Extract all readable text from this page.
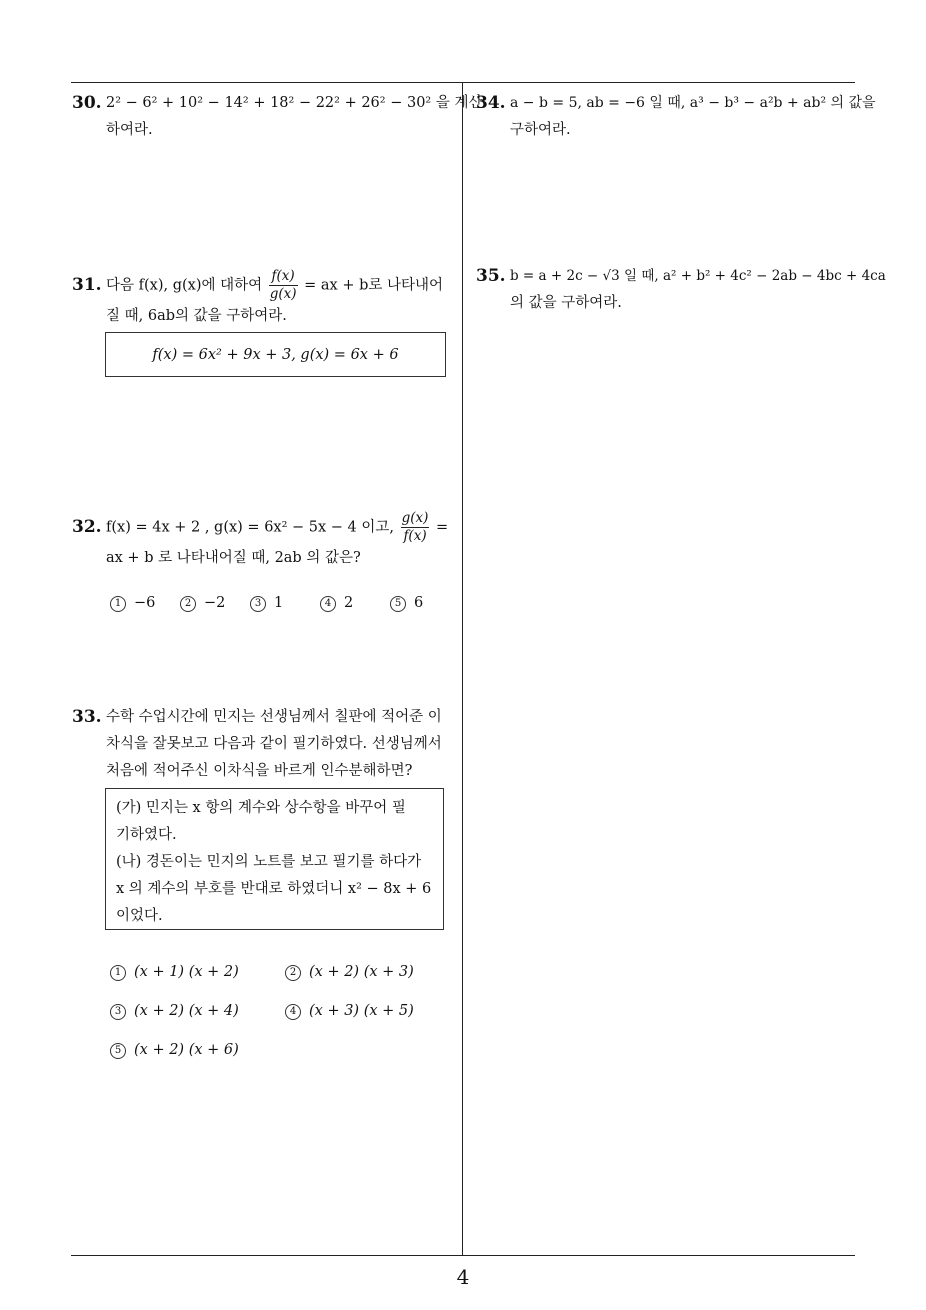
30. 2² − 6² + 10² − 14² + 18² − 22² + 26² − 30² 을 계산
하여라.
31. 다음 f(x), g(x)에 대하여 $\frac{f(x)}{g(x)}$ = ax + b로 나타내어
질 때, 6ab의 값을 구하여라.
f(x) = 6x² + 9x + 3, g(x) = 6x + 6
32. f(x) = 4x + 2 , g(x) = 6x² − 5x − 4 이고, $\frac{g(x)}{f(x)}$ =
ax + b 로 나타내어질 때, 2ab 의 값은?
1 −6	2 −2	3 1	4 2	5 6
33. 수학 수업시간에 민지는 선생님께서 칠판에 적어준 이
차식을 잘못보고 다음과 같이 필기하였다. 선생님께서
처음에 적어주신 이차식을 바르게 인수분해하면?
(가) 민지는 x 항의 계수와 상수항을 바꾸어 필
기하였다.
(나) 경돈이는 민지의 노트를 보고 필기를 하다가
x 의 계수의 부호를 반대로 하였더니 x² − 8x + 6
이었다.
1 (x + 1) (x + 2)	2 (x + 2) (x + 3)
3 (x + 2) (x + 4)	4 (x + 3) (x + 5)
5 (x + 2) (x + 6)
34. a − b = 5, ab = −6 일 때, a³ − b³ − a²b + ab² 의 값을
구하여라.
35. b = a + 2c − √3 일 때, a² + b² + 4c² − 2ab − 4bc + 4ca
의 값을 구하여라.
4
